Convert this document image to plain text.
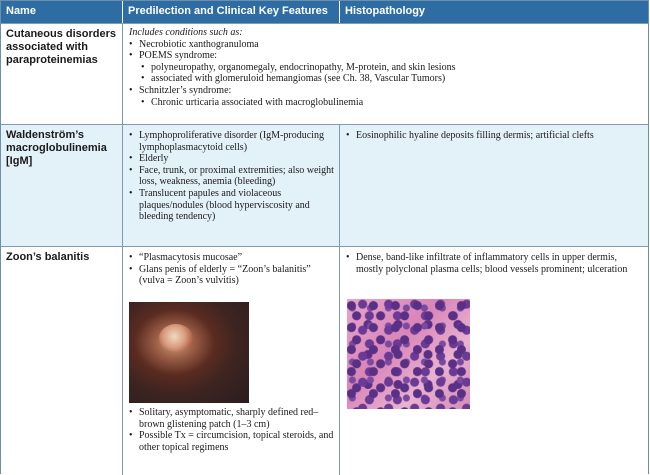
Name	Predilection and Clinical Key Features Histopathology
Cutaneous disorders associated with paraproteinemias
Includes conditions such as:
• Necrobiotic xanthogranuloma
• POEMS syndrome:
• polyneuropathy, organomegaly, endocrinopathy, M-protein, and skin lesions
• associated with glomeruloid hemangiomas (see Ch. 38, Vascular Tumors)
• Schnitzler’s syndrome:
• Chronic urticaria associated with macroglobulinemia
Waldenström’s macroglobulinemia [IgM]
• Lymphoproliferative disorder (IgM-producing lymphoplasmacytoid cells)
• Elderly
• Face, trunk, or proximal extremities; also weight loss, weakness, anemia (bleeding)
• Translucent papules and violaceous plaques/nodules (blood hyperviscosity and bleeding tendency)
• Eosinophilic hyaline deposits filling dermis; artificial clefts
Zoon’s balanitis
•	“Plasmacytosis mucosae”
• Glans penis of elderly = “Zoon’s balanitis” (vulva = Zoon’s vulvitis)
• Solitary, asymptomatic, sharply defined red–brown glistening patch (1–3 cm)
• Possible Tx = circumcision, topical steroids, and other topical regimens
• Dense, band-like infiltrate of inflammatory cells in upper dermis, mostly polyclonal plasma cells; blood vessels prominent; ulceration
